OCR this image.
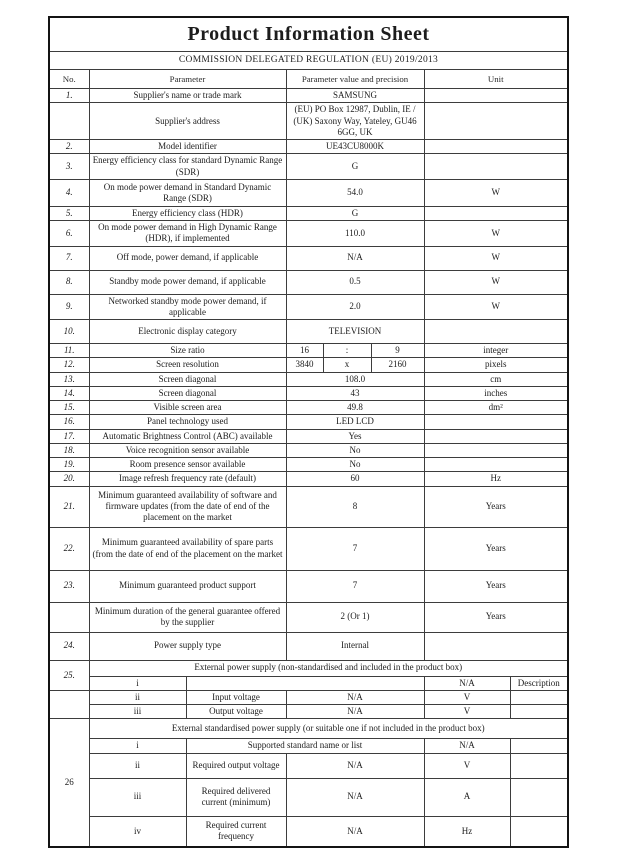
Product Information Sheet							
COMMISSION DELEGATED REGULATION (EU) 2019/2013							
No.	Parameter		Parameter value and precision			Unit	
1.	Supplier's name or trade mark		SAMSUNG				
	Supplier's address		(EU) PO Box 12987, Dublin, IE / (UK) Saxony Way, Yateley, GU46 6GG, UK				
2.	Model identifier		UE43CU8000K				
3.	Energy efficiency class for standard Dynamic Range (SDR)		G				
4.	On mode power demand in Standard Dynamic Range (SDR)		54.0			W	
5.	Energy efficiency class (HDR)		G				
6.	On mode power demand in High Dynamic Range (HDR), if implemented		110.0			W	
7.	Off mode, power demand, if applicable		N/A			W	
8.	Standby mode power demand, if applicable		0.5			W	
9.	Networked standby mode power demand, if applicable		2.0			W	
10.	Electronic display category		TELEVISION				
11.	Size ratio		16	:	9	integer	
12.	Screen resolution		3840	x	2160	pixels	
13.	Screen diagonal		108.0			cm	
14.	Screen diagonal		43			inches	
15.	Visible screen area		49.8			dm²	
16.	Panel technology used		LED LCD				
17.	Automatic Brightness Control (ABC) available		Yes				
18.	Voice recognition sensor available		No				
19.	Room presence sensor available		No				
20.	Image refresh frequency rate (default)		60			Hz	
21.	Minimum guaranteed availability of software and firmware updates (from the date of end of the placement on the market		8			Years	
22.	Minimum guaranteed availability of spare parts (from the date of end of the placement on the market		7			Years	
23.	Minimum guaranteed product support		7			Years	
	Minimum duration of the general guarantee offered by the supplier		2 (Or 1)			Years	
24.	Power supply type		Internal				
25.	External power supply (non-standardised and included in the product box)						
	i					N/A	Description
	ii	Input voltage	N/A			V	
	iii	Output voltage	N/A			V	
26	External standardised power supply (or suitable one if not included in the product box)						
	i	Supported standard name or list				N/A	
	ii	Required output voltage	N/A			V	
	iii	Required delivered current (minimum)	N/A			A	
	iv	Required current frequency	N/A			Hz	
